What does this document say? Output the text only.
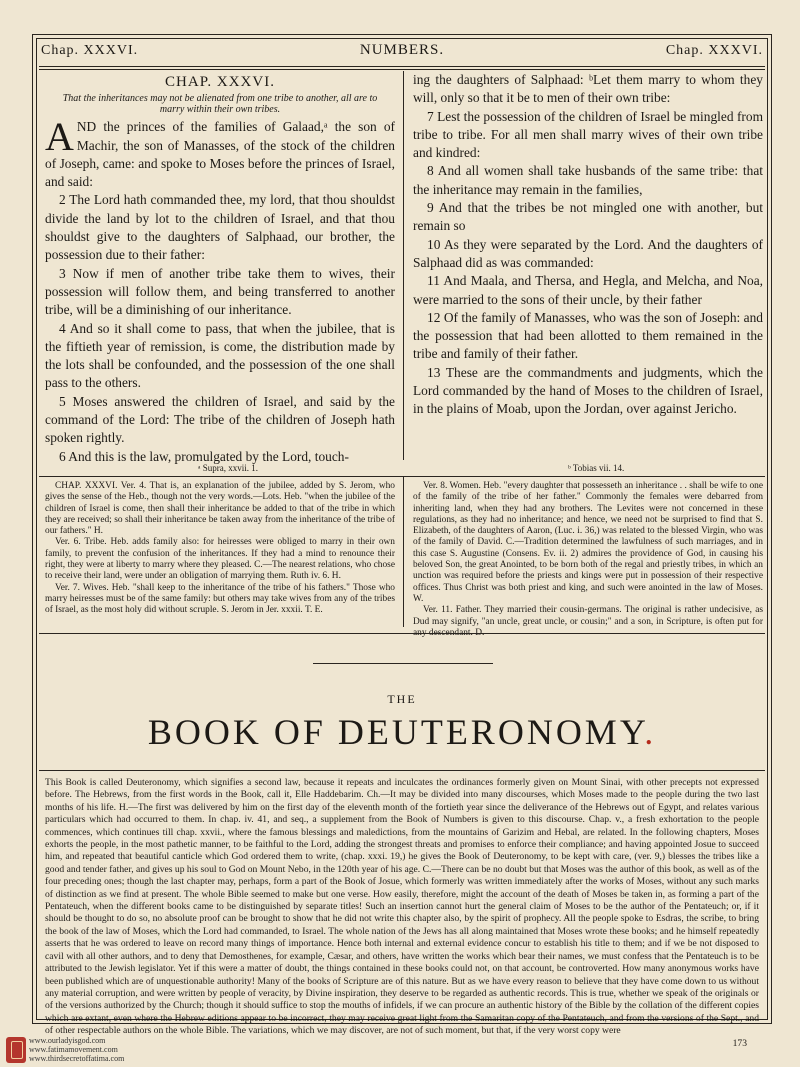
Chap. XXXVI.	NUMBERS.	Chap. XXXVI.
CHAP. XXXVI.
That the inheritances may not be alienated from one tribe to another, all are to marry within their own tribes.

AND the princes of the families of Galaad,ᵃ the son of Machir, the son of Manasses, of the stock of the children of Joseph, came: and spoke to Moses before the princes of Israel, and said:

2 The Lord hath commanded thee, my lord, that thou shouldst divide the land by lot to the children of Israel, and that thou shouldst give to the daughters of Salphaad, our brother, the possession due to their father:

3 Now if men of another tribe take them to wives, their possession will follow them, and being transferred to another tribe, will be a diminishing of our inheritance.

4 And so it shall come to pass, that when the jubilee, that is the fiftieth year of remission, is come, the distribution made by the lots shall be confounded, and the possession of the one shall pass to the others.

5 Moses answered the children of Israel, and said by the command of the Lord: The tribe of the children of Joseph hath spoken rightly.

6 And this is the law, promulgated by the Lord, touch-

ing the daughters of Salphaad: ᵇLet them marry to whom they will, only so that it be to men of their own tribe:

7 Lest the possession of the children of Israel be mingled from tribe to tribe. For all men shall marry wives of their own tribe and kindred:

8 And all women shall take husbands of the same tribe: that the inheritance may remain in the families,

9 And that the tribes be not mingled one with another, but remain so

10 As they were separated by the Lord. And the daughters of Salphaad did as was commanded:

11 And Maala, and Thersa, and Hegla, and Melcha, and Noa, were married to the sons of their uncle, by their father

12 Of the family of Manasses, who was the son of Joseph: and the possession that had been allotted to them remained in the tribe and family of their father.

13 These are the commandments and judgments, which the Lord commanded by the hand of Moses to the children of Israel, in the plains of Moab, upon the Jordan, over against Jericho.

ᵃ Supra, xxvii. 1.	ᵇ Tobias vii. 14.

CHAP. XXXVI. Ver. 4. That is, an explanation of the jubilee, added by S. Jerom, who gives the sense of the Heb., though not the very words.—Lots. Heb. "when the jubilee of the children of Israel is come, then shall their inheritance be added to that of the tribe in which they are received; so shall their inheritance be taken away from the inheritance of the tribe of our fathers." H.

Ver. 6. Tribe. Heb. adds family also: for heiresses were obliged to marry in their own family, to prevent the confusion of the inheritances. If they had a mind to renounce their right, they were at liberty to marry where they pleased. C.—The nearest relations, who chose to receive their land, were under an obligation of marrying them. Ruth iv. 6. H.

Ver. 7. Wives. Heb. "shall keep to the inheritance of the tribe of his fathers." Those who marry heiresses must be of the same family: but others may take wives from any of the tribes of Israel, as the most holy did without scruple. S. Jerom in Jer. xxxii. T. E.

Ver. 8. Women. Heb. "every daughter that possesseth an inheritance . . shall be wife to one of the family of the tribe of her father." Commonly the females were debarred from inheriting land, when they had any brothers. The Levites were not concerned in these regulations, as they had no inheritance; and hence, we need not be surprised to find that S. Elizabeth, of the daughters of Aaron, (Luc. i. 36,) was related to the blessed Virgin, who was of the family of David. C.—Tradition determined the lawfulness of such marriages, and in this case S. Augustine (Consens. Ev. ii. 2) admires the providence of God, in causing his beloved Son, the great Anointed, to be born both of the regal and priestly tribes, in which an unction was required before the priests and kings were put in possession of their respective offices. Thus Christ was both priest and king, and such were anointed in the law of Moses. W.

Ver. 11. Father. They married their cousin-germans. The original is rather undecisive, as Dud may signify, "an uncle, great uncle, or cousin;" and a son, in Scripture, is often put for any descendant. D.

THE
BOOK OF DEUTERONOMY.

This Book is called Deuteronomy, which signifies a second law, because it repeats and inculcates the ordinances formerly given on Mount Sinai, with other precepts not expressed before. The Hebrews, from the first words in the Book, call it, Elle Haddebarim. Ch.—It may be divided into many discourses, which Moses made to the people during the two last months of his life. H.—The first was delivered by him on the first day of the eleventh month of the fortieth year since the deliverance of the Hebrews out of Egypt, and relates various particulars which had occurred to them. In chap. iv. 41, and seq., a supplement from the Book of Numbers is given to this discourse. Chap. v., a fresh exhortation to the people commences, which continues till chap. xxvii., where the famous blessings and maledictions, from the mountains of Garizim and Hebal, are related. In the following chapters, Moses exhorts the people, in the most pathetic manner, to be faithful to the Lord, adding the strongest threats and promises to enforce their compliance; and having appointed Josue to succeed him, and repeated that beautiful canticle which God ordered them to write, (chap. xxxi. 19,) he gives the Book of Deuteronomy, to be kept with care, (ver. 9,) blesses the tribes like a good and tender father, and gives up his soul to God on Mount Nebo, in the 120th year of his age. C.—There can be no doubt but that Moses was the author of this book, as well as of the four preceding ones; though the last chapter may, perhaps, form a part of the Book of Josue, which formerly was written immediately after the works of Moses, without any such marks of distinction as we find at present. The whole Bible seemed to make but one verse. How easily, therefore, might the account of the death of Moses be taken in, as forming a part of the Pentateuch, when the different books came to be distinguished by separate titles! Such an insertion cannot hurt the general claim of Moses to be the author of the Pentateuch; or, if it should be thought to do so, no absolute proof can be brought to show that he did not write this chapter also, by the spirit of prophecy. All the people spoke to Esdras, the scribe, to bring the book of the law of Moses, which the Lord had commanded, to Israel. The whole nation of the Jews has all along maintained that Moses wrote these books; and he himself repeatedly asserts that he was ordered to leave on record many things of importance. Hence both internal and external evidence concur to establish his title to them; and if we be not disposed to cavil with all other authors, and to deny that Demosthenes, for example, Cæsar, and others, have written the works which bear their names, we must confess that the Pentateuch is to be attributed to the Jewish legislator. Yet if this were a matter of doubt, the things contained in these books could not, on that account, be controverted. How many anonymous works have been published which are of unquestionable authority! Many of the books of Scripture are of this nature. But as we have every reason to believe that they have come down to us without any material corruption, and were written by people of veracity, by Divine inspiration, they deserve to be regarded as authentic records. This is true, whether we speak of the originals or of the versions authorized by the Church; though it should suffice to stop the mouths of infidels, if we can procure an authentic history of the Bible by the collation of the different copies which are extant, even where the Hebrew editions appear to be incorrect, they may receive great light from the Samaritan copy of the Pentateuch, and from the versions of the Sept., and of other respectable authors on the whole Bible. The variations, which we may discover, are not of such moment, but that, if the very worst copy were

173
www.ourladyisgod.com
www.fatimamovement.com
www.thirdsecretoffatima.com
